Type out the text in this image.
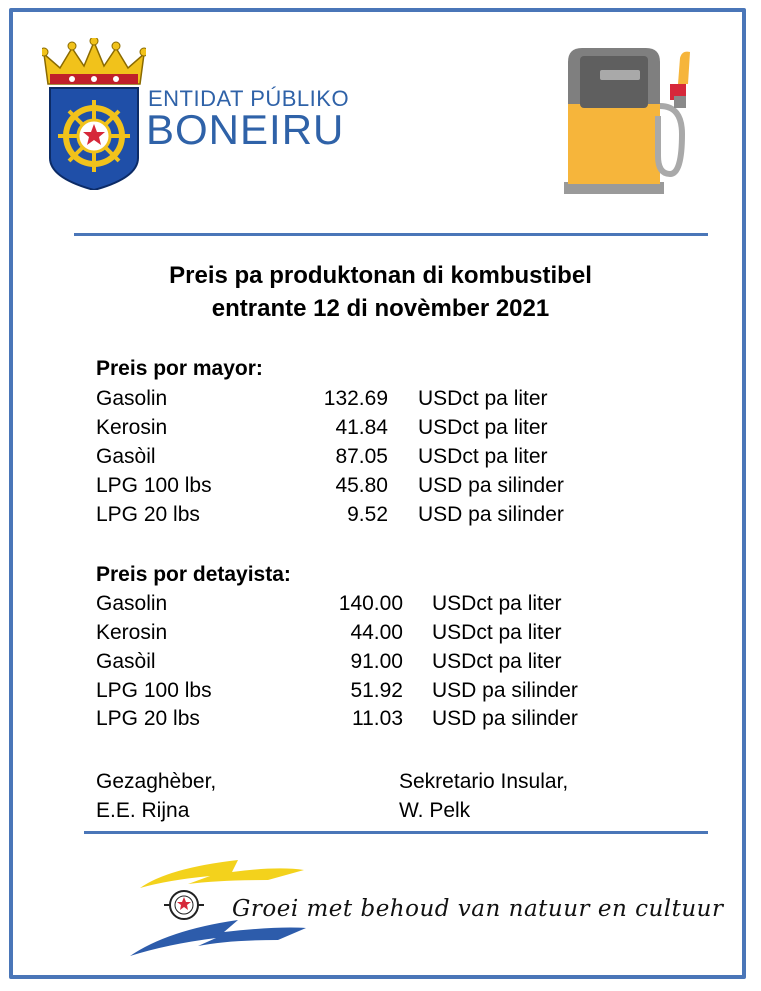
ENTIDAT PÚBLIKO
BONEIRU
Preis pa produktonan di kombustibel
entrante 12 di novèmber 2021
Preis por mayor:
Gasolin	132.69 USDct pa liter
Kerosin	41.84 USDct pa liter
Gasòil	87.05 USDct pa liter
LPG 100 lbs	45.80 USD pa silinder
LPG 20 lbs	9.52 USD pa silinder
Preis por detayista:
Gasolin	140.00 USDct pa liter
Kerosin	44.00 USDct pa liter
Gasòil	91.00 USDct pa liter
LPG 100 lbs	51.92 USD pa silinder
LPG 20 lbs	11.03 USD pa silinder
Gezaghèber,
E.E. Rijna
Sekretario Insular,
W. Pelk
Groei met behoud van natuur en cultuur
